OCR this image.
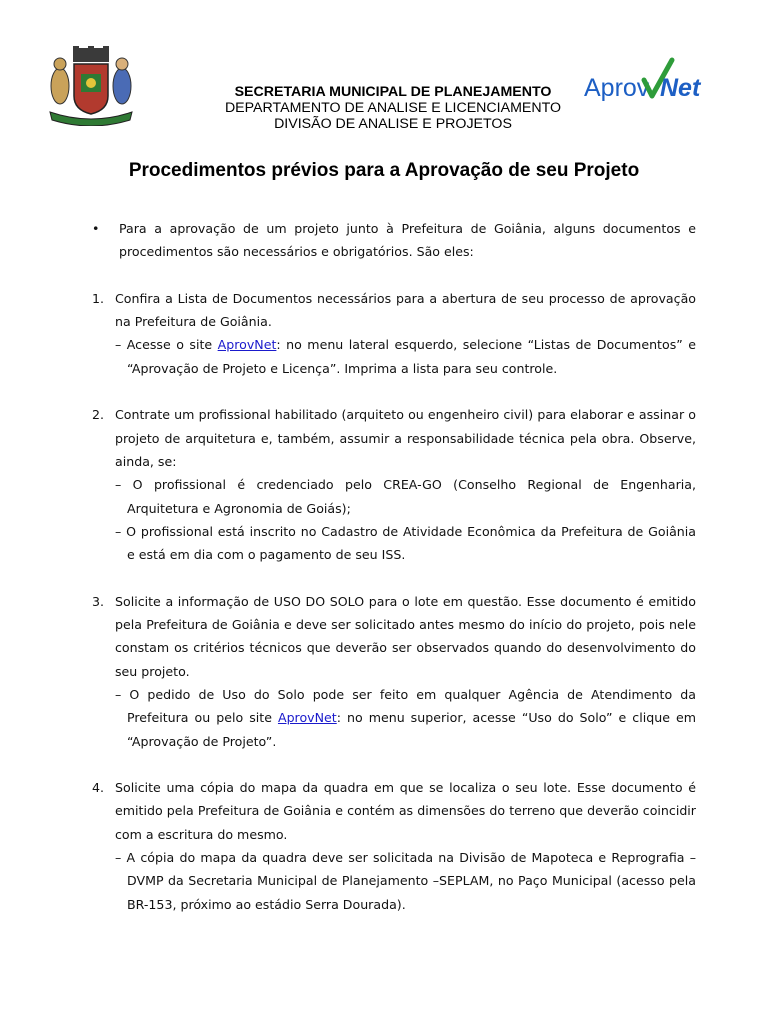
SECRETARIA MUNICIPAL DE PLANEJAMENTO
DEPARTAMENTO DE ANALISE E LICENCIAMENTO
DIVISÃO DE ANALISE E PROJETOS
Aprov Net
Procedimentos prévios para a Aprovação de seu Projeto
• Para a aprovação de um projeto junto à Prefeitura de Goiânia, alguns documentos e procedimentos são necessários e obrigatórios. São eles:
1. Confira a Lista de Documentos necessários para a abertura de seu processo de aprovação na Prefeitura de Goiânia.
– Acesse o site AprovNet: no menu lateral esquerdo, selecione “Listas de Documentos” e “Aprovação de Projeto e Licença”. Imprima a lista para seu controle.
2. Contrate um profissional habilitado (arquiteto ou engenheiro civil) para elaborar e assinar o projeto de arquitetura e, também, assumir a responsabilidade técnica pela obra. Observe, ainda, se:
– O profissional é credenciado pelo CREA-GO (Conselho Regional de Engenharia, Arquitetura e Agronomia de Goiás);
– O profissional está inscrito no Cadastro de Atividade Econômica da Prefeitura de Goiânia e está em dia com o pagamento de seu ISS.
3. Solicite a informação de USO DO SOLO para o lote em questão. Esse documento é emitido pela Prefeitura de Goiânia e deve ser solicitado antes mesmo do início do projeto, pois nele constam os critérios técnicos que deverão ser observados quando do desenvolvimento do seu projeto.
– O pedido de Uso do Solo pode ser feito em qualquer Agência de Atendimento da Prefeitura ou pelo site AprovNet: no menu superior, acesse “Uso do Solo” e clique em “Aprovação de Projeto”.
4. Solicite uma cópia do mapa da quadra em que se localiza o seu lote. Esse documento é emitido pela Prefeitura de Goiânia e contém as dimensões do terreno que deverão coincidir com a escritura do mesmo.
– A cópia do mapa da quadra deve ser solicitada na Divisão de Mapoteca e Reprografia –DVMP da Secretaria Municipal de Planejamento –SEPLAM, no Paço Municipal (acesso pela BR-153, próximo ao estádio Serra Dourada).
